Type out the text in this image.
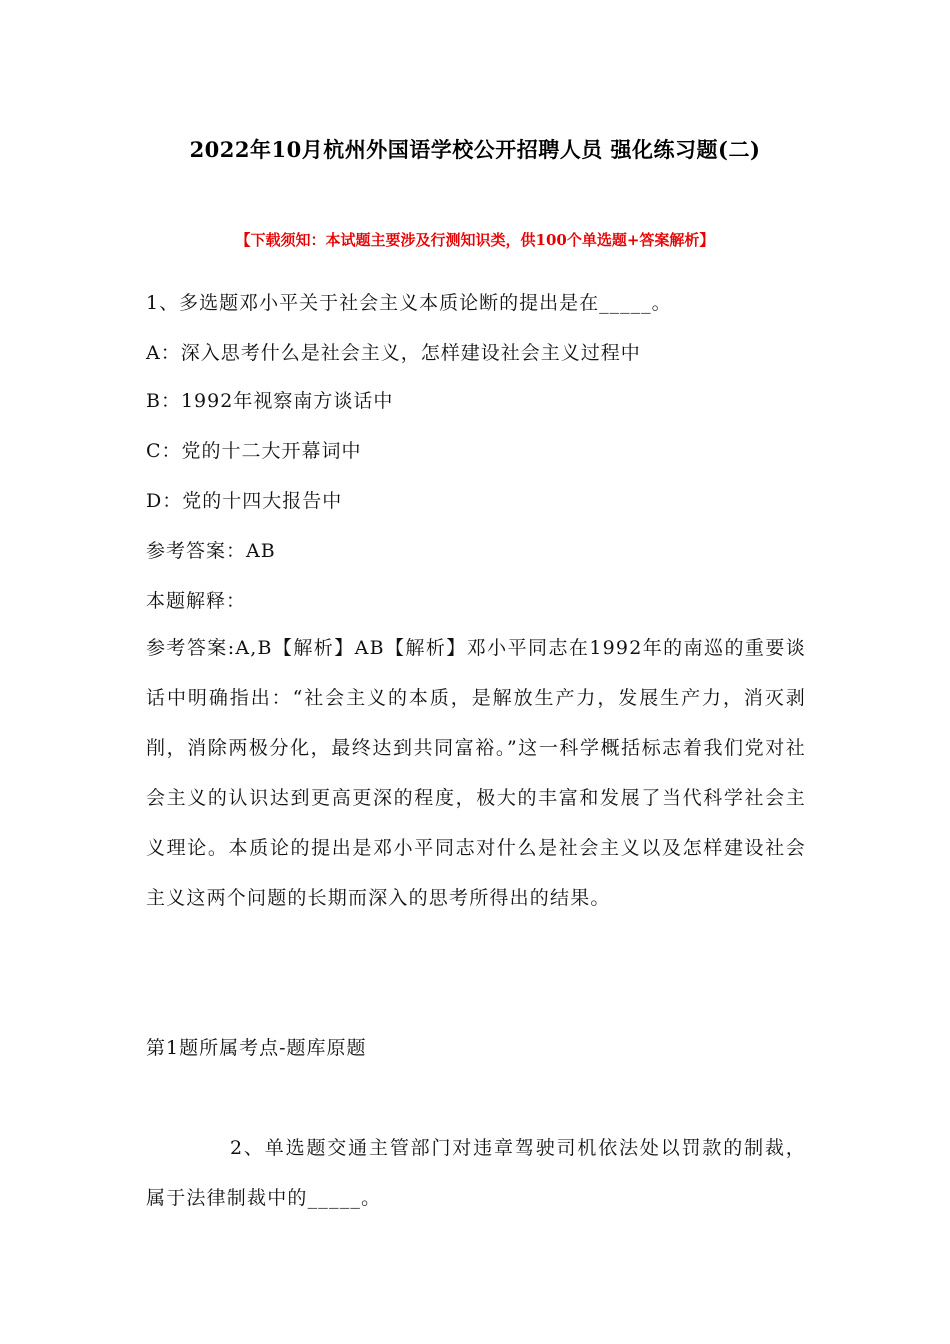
2022年10月杭州外国语学校公开招聘人员 强化练习题(二)
【下载须知：本试题主要涉及行测知识类，供100个单选题+答案解析】
1、多选题邓小平关于社会主义本质论断的提出是在_____。
A：深入思考什么是社会主义，怎样建设社会主义过程中
B：1992年视察南方谈话中
C：党的十二大开幕词中
D：党的十四大报告中
参考答案：AB
本题解释：
参考答案:A,B【解析】AB【解析】邓小平同志在1992年的南巡的重要谈话中明确指出：“社会主义的本质，是解放生产力，发展生产力，消灭剥削，消除两极分化，最终达到共同富裕。”这一科学概括标志着我们党对社会主义的认识达到更高更深的程度，极大的丰富和发展了当代科学社会主义理论。本质论的提出是邓小平同志对什么是社会主义以及怎样建设社会主义这两个问题的长期而深入的思考所得出的结果。
第1题所属考点-题库原题
2、单选题交通主管部门对违章驾驶司机依法处以罚款的制裁，属于法律制裁中的_____。
